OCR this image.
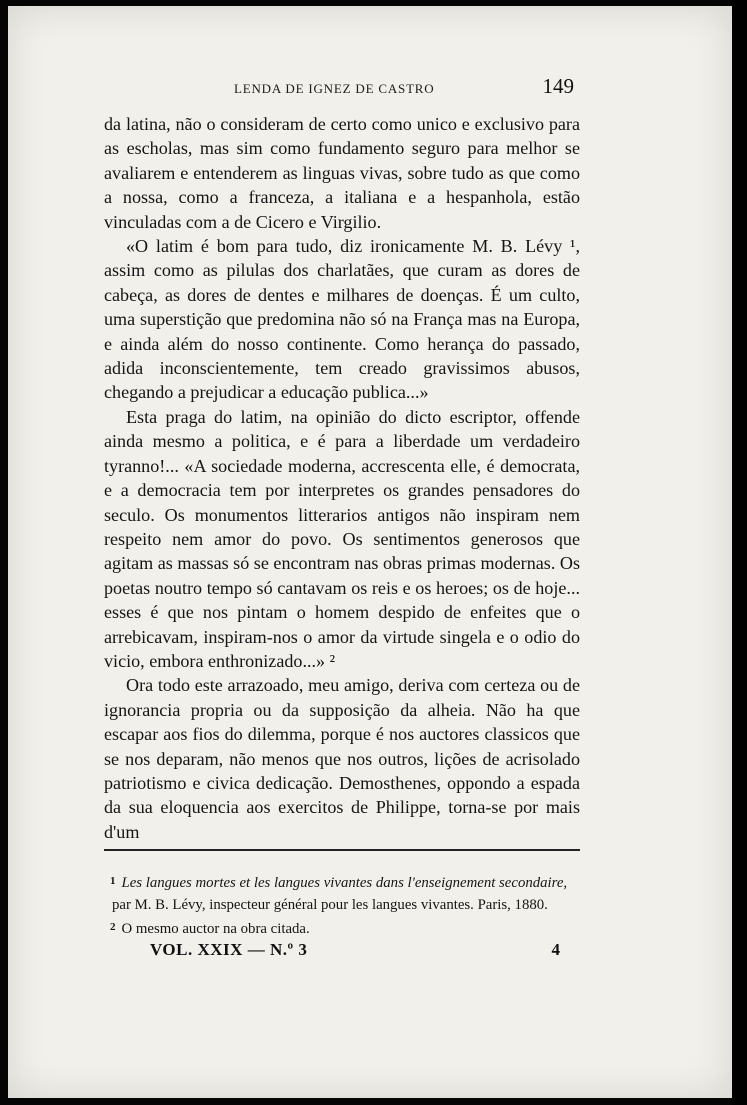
LENDA DE IGNEZ DE CASTRO	149

da latina, não o consideram de certo como unico e exclusivo para as escholas, mas sim como fundamento seguro para melhor se avaliarem e entenderem as linguas vivas, sobre tudo as que como a nossa, como a franceza, a italiana e a hespanhola, estão vinculadas com a de Cicero e Virgilio.

«O latim é bom para tudo, diz ironicamente M. B. Lévy ¹, assim como as pilulas dos charlatães, que curam as dores de cabeça, as dores de dentes e milhares de doenças. É um culto, uma superstição que predomina não só na França mas na Europa, e ainda além do nosso continente. Como herança do passado, adida inconscientemente, tem creado gravissimos abusos, chegando a prejudicar a educação publica...»

Esta praga do latim, na opinião do dicto escriptor, offende ainda mesmo a politica, e é para a liberdade um verdadeiro tyranno!... «A sociedade moderna, accrescenta elle, é democrata, e a democracia tem por interpretes os grandes pensadores do seculo. Os monumentos litterarios antigos não inspiram nem respeito nem amor do povo. Os sentimentos generosos que agitam as massas só se encontram nas obras primas modernas. Os poetas noutro tempo só cantavam os reis e os heroes; os de hoje... esses é que nos pintam o homem despido de enfeites que o arrebicavam, inspiram-nos o amor da virtude singela e o odio do vicio, embora enthronizado...» ²

Ora todo este arrazoado, meu amigo, deriva com certeza ou de ignorancia propria ou da supposição da alheia. Não ha que escapar aos fios do dilemma, porque é nos auctores classicos que se nos deparam, não menos que nos outros, lições de acrisolado patriotismo e civica dedicação. Demosthenes, oppondo a espada da sua eloquencia aos exercitos de Philippe, torna-se por mais d'um

$^1$ Les langues mortes et les langues vivantes dans l'enseignement secondaire,

par M. B. Lévy, inspecteur général pour les langues vivantes. Paris, 1880.

$^2$ O mesmo auctor na obra citada.

VOL. XXIX — N.º 3	4
